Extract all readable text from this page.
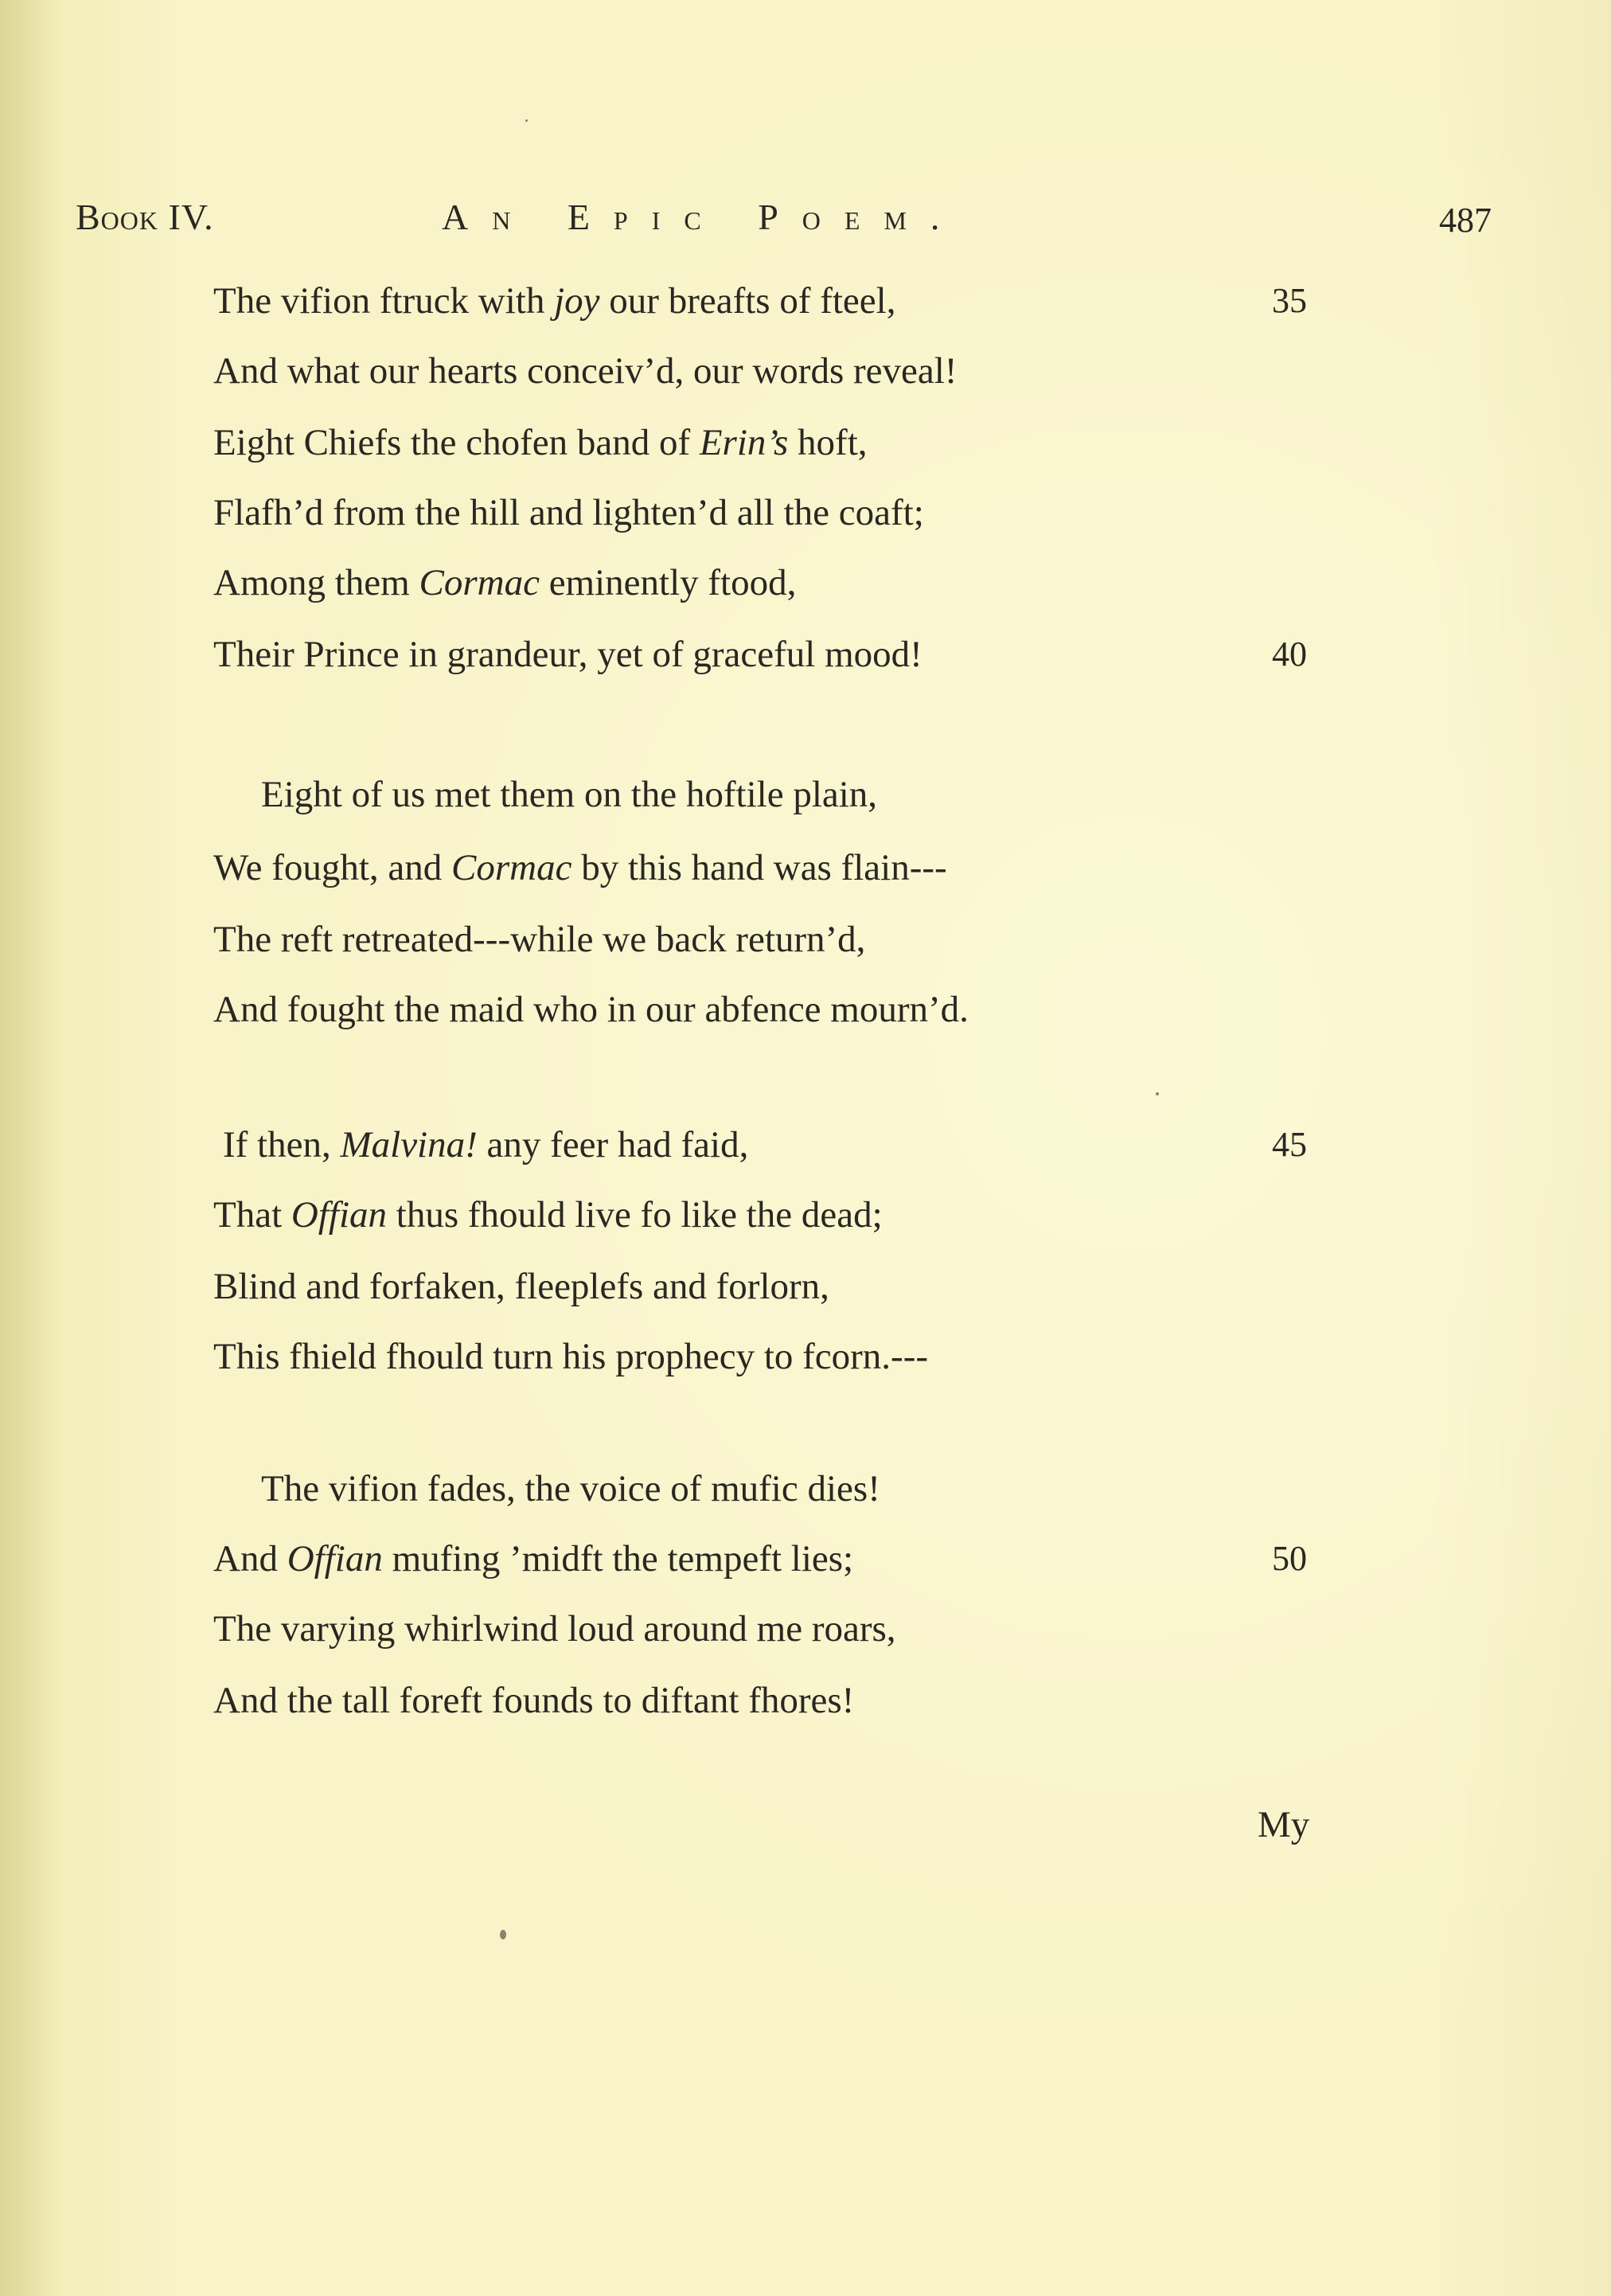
Book IV.	An Epic Poem.	487
The vifion ftruck with joy our breafts of fteel,	35
And what our hearts conceiv’d, our words reveal!
Eight Chiefs the chofen band of Erin’s hoft,
Flafh’d from the hill and lighten’d all the coaft;
Among them Cormac eminently ftood,
Their Prince in grandeur, yet of graceful mood!	40
Eight of us met them on the hoftile plain,
We fought, and Cormac by this hand was flain---
The reft retreated---while we back return’d,
And fought the maid who in our abfence mourn’d.
If then, Malvina! any feer had faid,	45
That Offian thus fhould live fo like the dead;
Blind and forfaken, fleeplefs and forlorn,
This fhield fhould turn his prophecy to fcorn.---
The vifion fades, the voice of mufic dies!
And Offian mufing ’midft the tempeft lies;	50
The varying whirlwind loud around me roars,
And the tall foreft founds to diftant fhores!
My
